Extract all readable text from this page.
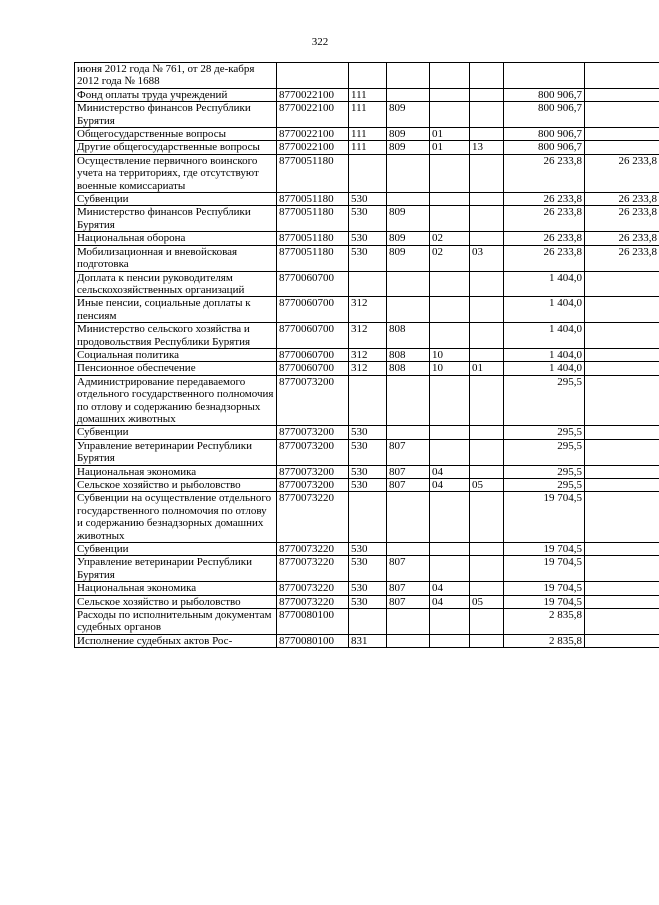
322
июня 2012 года № 761, от 28 де-кабря 2012 года № 1688							
Фонд оплаты труда учреждений	8770022100	111				800 906,7	
Министерство финансов Республики Бурятия	8770022100	111	809			800 906,7	
Общегосударственные вопросы	8770022100	111	809	01		800 906,7	
Другие общегосударственные вопросы	8770022100	111	809	01	13	800 906,7	
Осуществление первичного воинского учета на территориях, где отсутствуют военные комиссариаты	8770051180					26 233,8	26 233,8
Субвенции	8770051180	530				26 233,8	26 233,8
Министерство финансов Республики Бурятия	8770051180	530	809			26 233,8	26 233,8
Национальная оборона	8770051180	530	809	02		26 233,8	26 233,8
Мобилизационная и вневойсковая подготовка	8770051180	530	809	02	03	26 233,8	26 233,8
Доплата к пенсии руководителям сельскохозяйственных организаций	8770060700					1 404,0	
Иные пенсии, социальные доплаты к пенсиям	8770060700	312				1 404,0	
Министерство сельского хозяйства и продовольствия Республики Бурятия	8770060700	312	808			1 404,0	
Социальная политика	8770060700	312	808	10		1 404,0	
Пенсионное обеспечение	8770060700	312	808	10	01	1 404,0	
Администрирование передаваемого отдельного государственного полномочия по отлову и содержанию безнадзорных домашних животных	8770073200					295,5	
Субвенции	8770073200	530				295,5	
Управление ветеринарии Республики Бурятия	8770073200	530	807			295,5	
Национальная экономика	8770073200	530	807	04		295,5	
Сельское хозяйство и рыболовство	8770073200	530	807	04	05	295,5	
Субвенции на осуществление отдельного государственного полномочия по отлову и содержанию безнадзорных домашних животных	8770073220					19 704,5	
Субвенции	8770073220	530				19 704,5	
Управление ветеринарии Республики Бурятия	8770073220	530	807			19 704,5	
Национальная экономика	8770073220	530	807	04		19 704,5	
Сельское хозяйство и рыболовство	8770073220	530	807	04	05	19 704,5	
Расходы по исполнительным документам судебных органов	8770080100					2 835,8	
Исполнение судебных актов Рос-	8770080100	831				2 835,8	
